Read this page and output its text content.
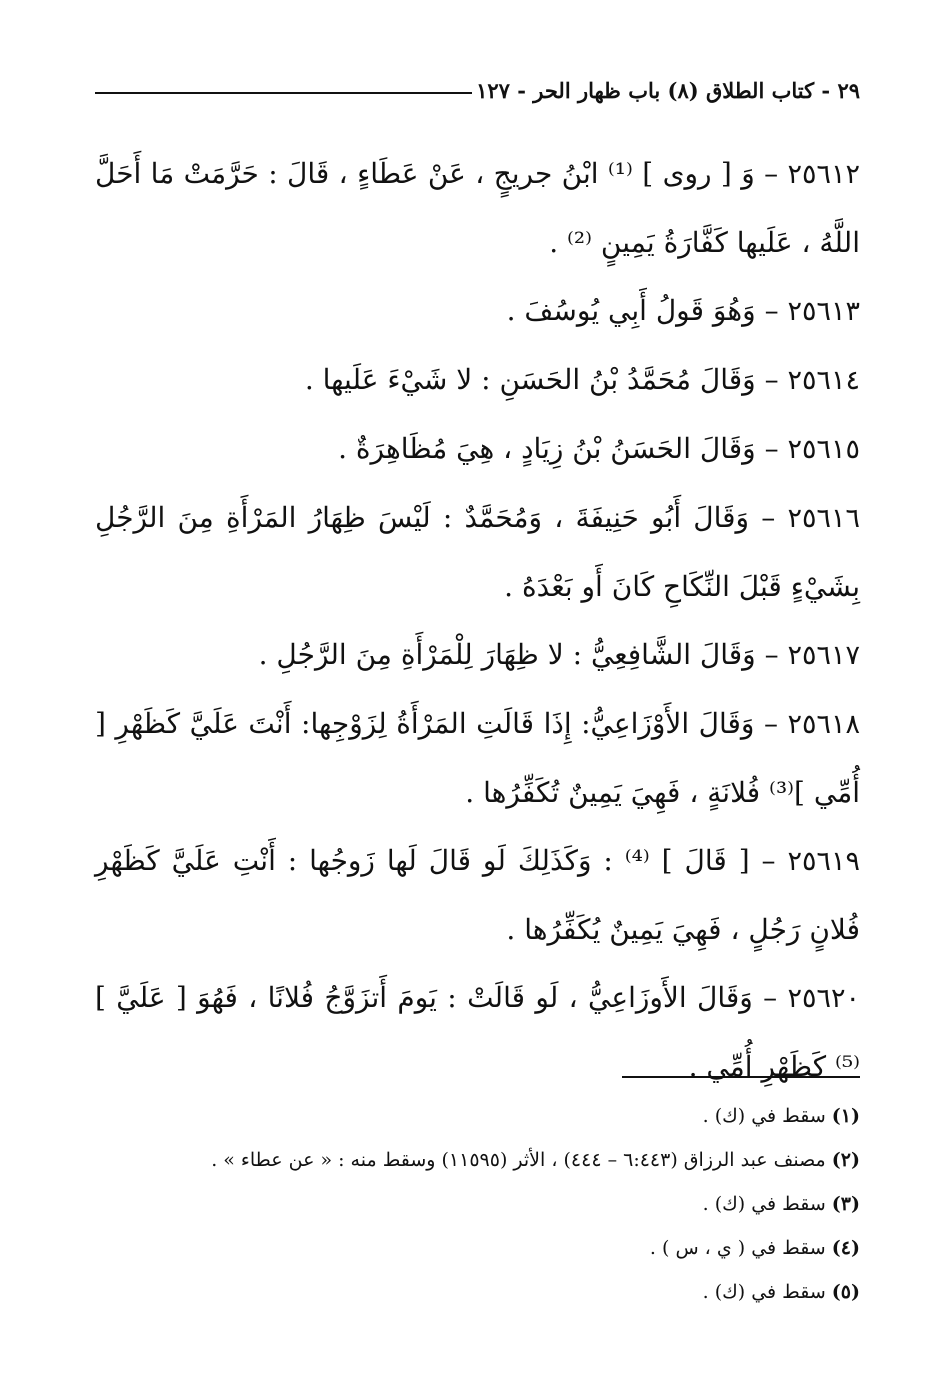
٢٩ - كتاب الطلاق (٨) باب ظهار الحر - ١٢٧

٢٥٦١٢ – وَ [ روى ] ⁽¹⁾ ابْنُ جريجٍ ، عَنْ عَطَاءٍ ، قَالَ : حَرَّمَتْ مَا أَحَلَّ اللَّهُ ، عَلَيها كَفَّارَةُ يَمِينٍ ⁽²⁾ .

٢٥٦١٣ – وَهُوَ قَولُ أَبِي يُوسُفَ .

٢٥٦١٤ – وَقَالَ مُحَمَّدُ بْنُ الحَسَنِ : لا شَيْءَ عَلَيها .

٢٥٦١٥ – وَقَالَ الحَسَنُ بْنُ زِيَادٍ ، هِيَ مُظَاهِرَةٌ .

٢٥٦١٦ – وَقَالَ أَبُو حَنِيفَةَ ، وَمُحَمَّدٌ : لَيْسَ ظِهَارُ المَرْأَةِ مِنَ الرَّجُلِ بِشَيْءٍ قَبْلَ النِّكَاحِ كَانَ أَو بَعْدَهُ .

٢٥٦١٧ – وَقَالَ الشَّافِعِيُّ : لا ظِهَارَ لِلْمَرْأَةِ مِنَ الرَّجُلِ .

٢٥٦١٨ – وَقَالَ الأَوْزَاعِيُّ: إِذَا قَالَتِ المَرْأَةُ لِزَوْجِها: أَنْتَ عَلَيَّ كَظَهْرِ [ أُمِّي ]⁽³⁾ فُلانَةٍ ، فَهِيَ يَمِينٌ تُكَفِّرُها .

٢٥٦١٩ – [ قَالَ ] ⁽⁴⁾ : وَكَذَلِكَ لَو قَالَ لَها زَوجُها : أَنْتِ عَلَيَّ كَظَهْرِ فُلانٍ رَجُلٍ ، فَهِيَ يَمِينٌ يُكَفِّرُها .

٢٥٦٢٠ – وَقَالَ الأَوزَاعِيُّ ، لَو قَالَتْ : يَومَ أَتزَوَّجُ فُلانًا ، فَهُوَ [ عَلَيَّ ] ⁽⁵⁾ كَظَهْرِ أُمِّي .

(١) سقط في (ك) .

(٢) مصنف عبد الرزاق (٦:٤٤٣ – ٤٤٤) ، الأثر (١١٥٩٥) وسقط منه : « عن عطاء » .

(٣) سقط في (ك) .

(٤) سقط في ( ي ، س ) .

(٥) سقط في (ك) .
